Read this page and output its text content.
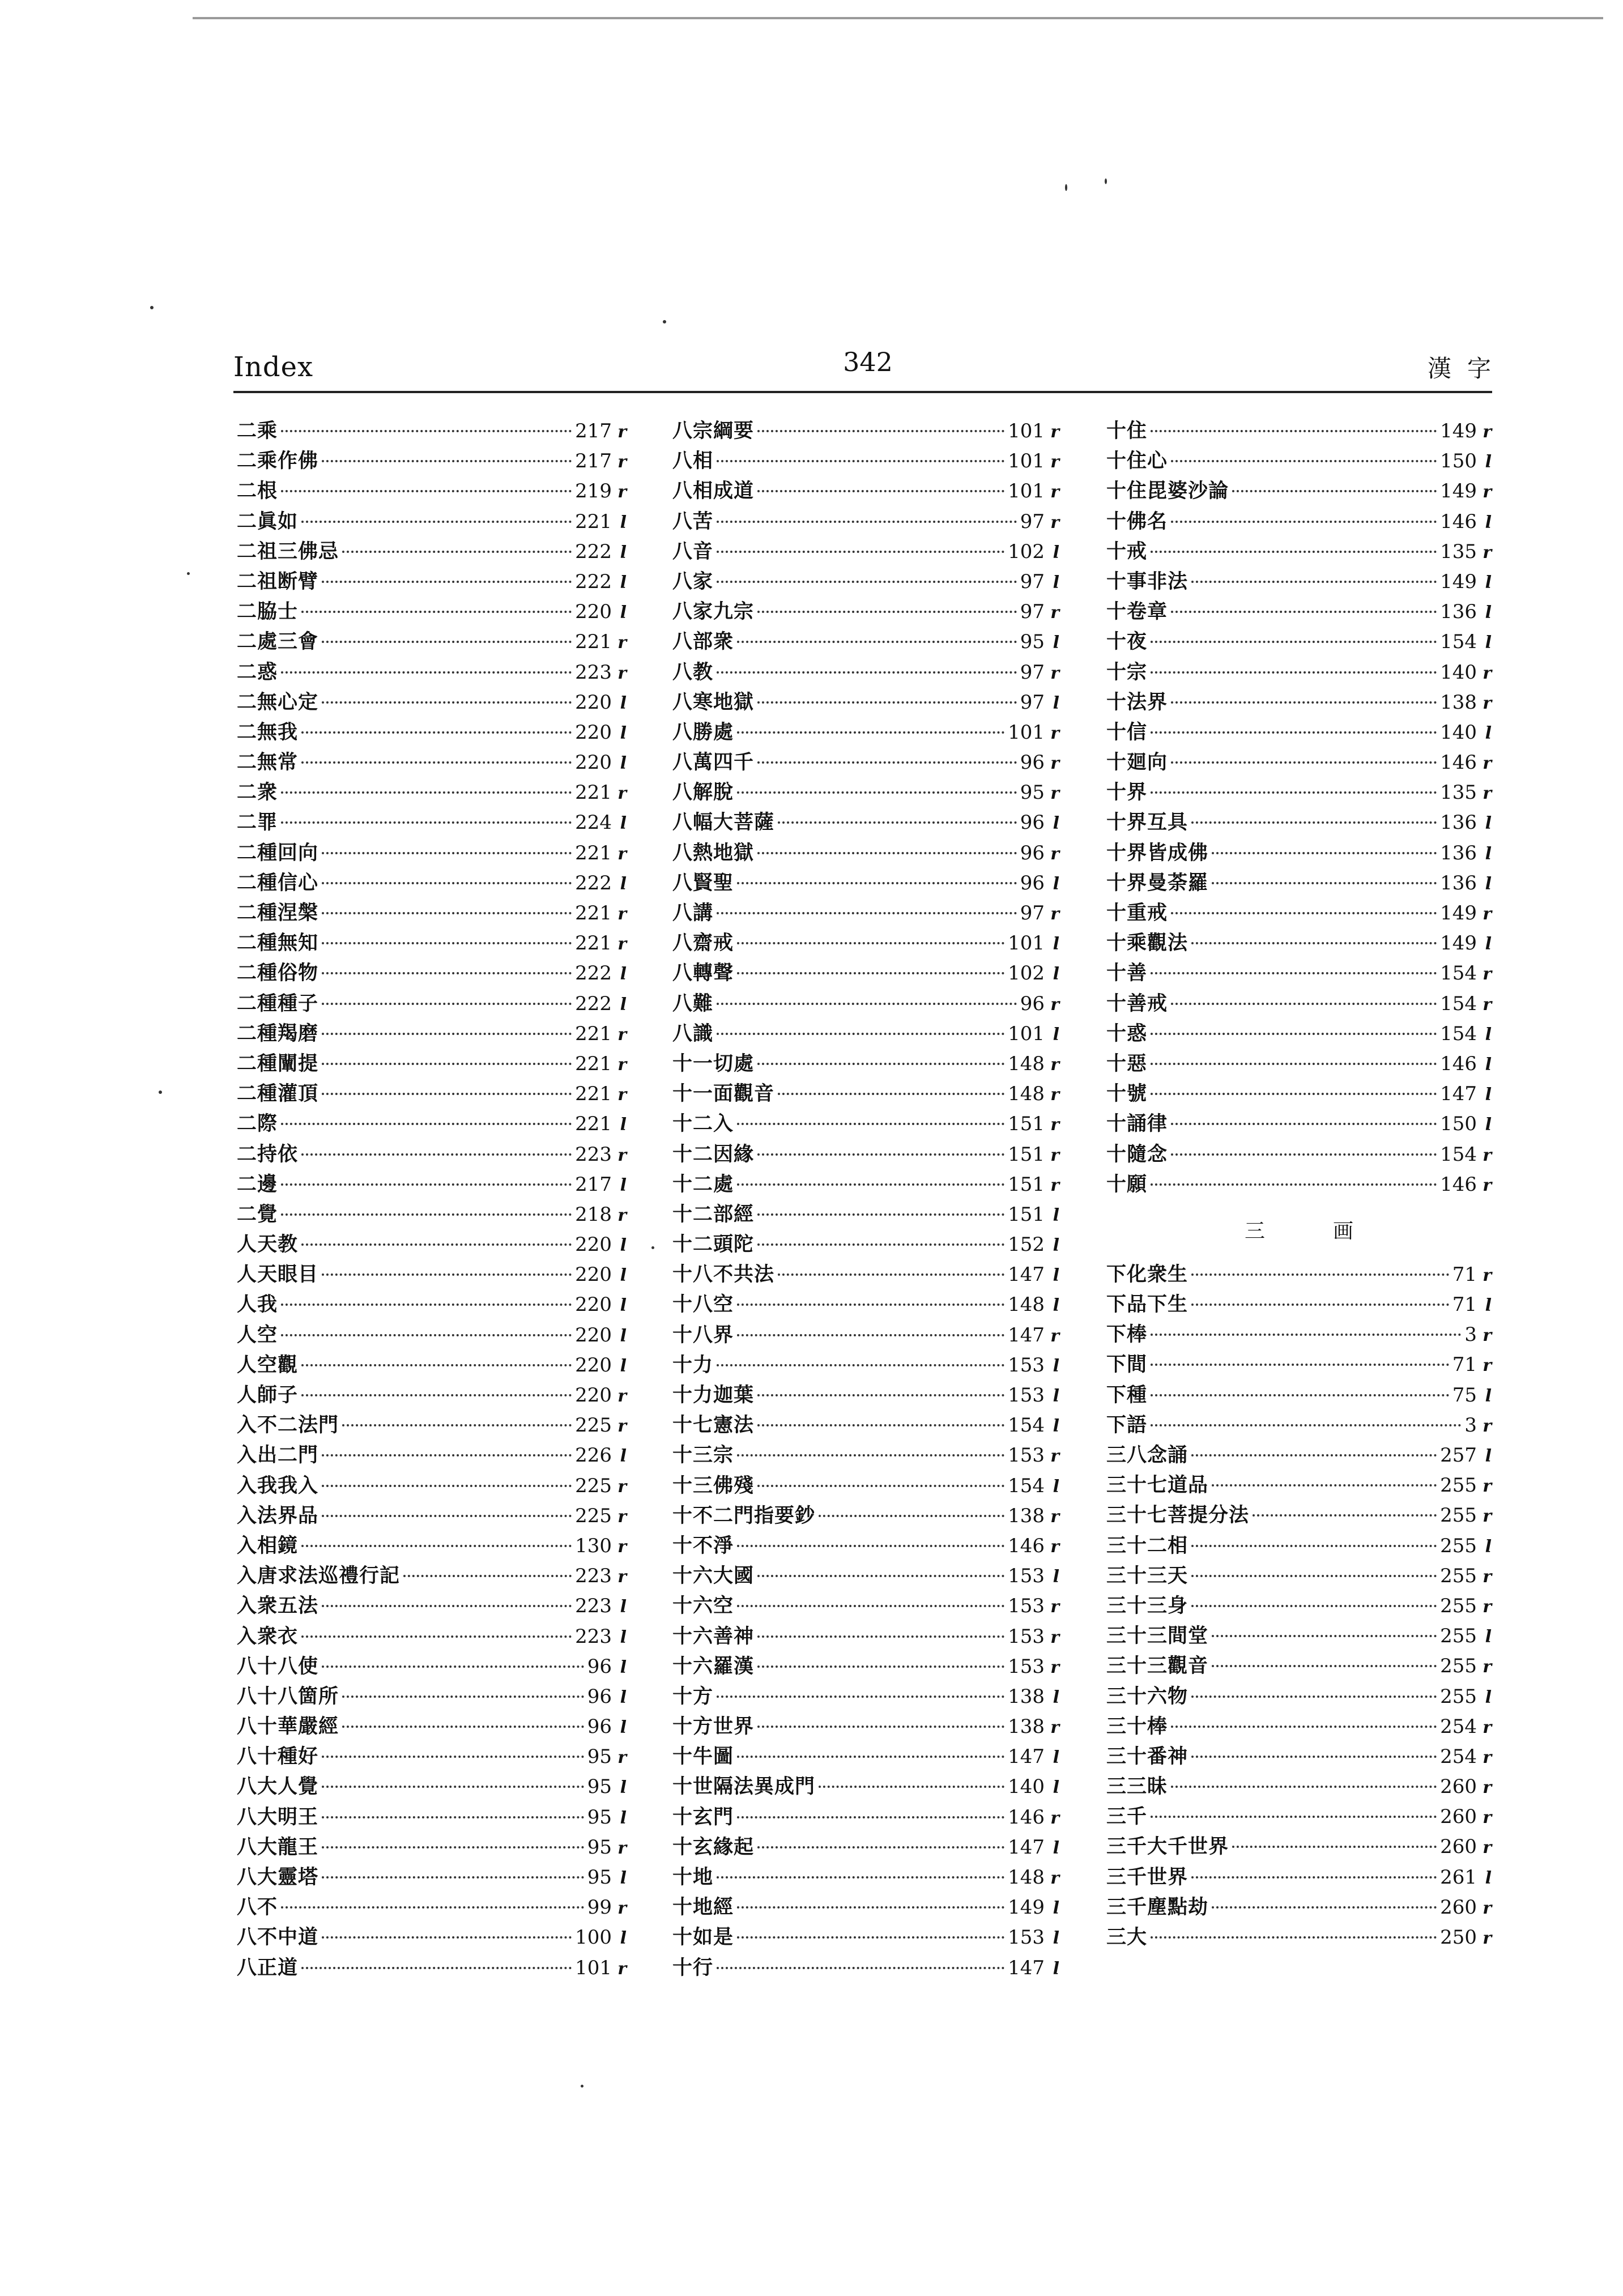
Index	342	漢字
二乘	217 r
二乘作佛	217 r
二根	219 r
二眞如	221 l
二祖三佛忌	222 l
二祖断臂	222 l
二脇士	220 l
二處三會	221 r
二惑	223 r
二無心定	220 l
二無我	220 l
二無常	220 l
二衆	221 r
二罪	224 l
二種回向	221 r
二種信心	222 l
二種涅槃	221 r
二種無知	221 r
二種俗物	222 l
二種種子	222 l
二種羯磨	221 r
二種闡提	221 r
二種灌頂	221 r
二際	221 l
二持依	223 r
二邊	217 l
二覺	218 r
人天教	220 l
人天眼目	220 l
人我	220 l
人空	220 l
人空觀	220 l
人師子	220 r
入不二法門	225 r
入出二門	226 l
入我我入	225 r
入法界品	225 r
入相鏡	130 r
入唐求法巡禮行記	223 r
入衆五法	223 l
入衆衣	223 l
八十八使	96 l
八十八箇所	96 l
八十華嚴經	96 l
八十種好	95 r
八大人覺	95 l
八大明王	95 l
八大龍王	95 r
八大靈塔	95 l
八不	99 r
八不中道	100 l
八正道	101 r
八宗綱要	101 r
八相	101 r
八相成道	101 r
八苦	97 r
八音	102 l
八家	97 l
八家九宗	97 r
八部衆	95 l
八教	97 r
八寒地獄	97 l
八勝處	101 r
八萬四千	96 r
八解脫	95 r
八幅大菩薩	96 l
八熱地獄	96 r
八賢聖	96 l
八講	97 r
八齋戒	101 l
八轉聲	102 l
八難	96 r
八識	101 l
十一切處	148 r
十一面觀音	148 r
十二入	151 r
十二因緣	151 r
十二處	151 r
十二部經	151 l
十二頭陀	152 l
十八不共法	147 l
十八空	148 l
十八界	147 r
十力	153 l
十力迦葉	153 l
十七憲法	154 l
十三宗	153 r
十三佛殘	154 l
十不二門指要鈔	138 r
十不淨	146 r
十六大國	153 l
十六空	153 r
十六善神	153 r
十六羅漢	153 r
十方	138 l
十方世界	138 r
十牛圖	147 l
十世隔法異成門	140 l
十玄門	146 r
十玄緣起	147 l
十地	148 r
十地經	149 l
十如是	153 l
十行	147 l
十住	149 r
十住心	150 l
十住毘婆沙論	149 r
十佛名	146 l
十戒	135 r
十事非法	149 l
十卷章	136 l
十夜	154 l
十宗	140 r
十法界	138 r
十信	140 l
十廻向	146 r
十界	135 r
十界互具	136 l
十界皆成佛	136 l
十界曼荼羅	136 l
十重戒	149 r
十乘觀法	149 l
十善	154 r
十善戒	154 r
十惑	154 l
十惡	146 l
十號	147 l
十誦律	150 l
十隨念	154 r
十願	146 r
三画
下化衆生	71 r
下品下生	71 l
下棒	3 r
下間	71 r
下種	75 l
下語	3 r
三八念誦	257 l
三十七道品	255 r
三十七菩提分法	255 r
三十二相	255 l
三十三天	255 r
三十三身	255 r
三十三間堂	255 l
三十三觀音	255 r
三十六物	255 l
三十棒	254 r
三十番神	254 r
三三昧	260 r
三千	260 r
三千大千世界	260 r
三千世界	261 l
三千塵點劫	260 r
三大	250 r
